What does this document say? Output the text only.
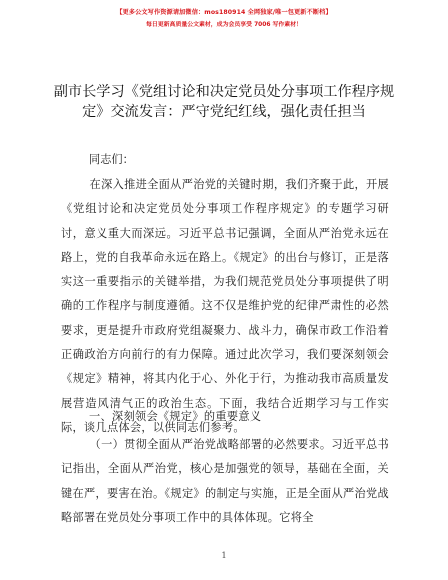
【更多公文写作资源请加微信：mos180914 全网独家/唯一包更新不断档】
每日更新高质量公文素材，成为会员享受 7006 写作素材！
副市长学习《党组讨论和决定党员处分事项工作程序规定》交流发言：严守党纪红线，强化责任担当
同志们：

在深入推进全面从严治党的关键时期，我们齐聚于此，开展《党组讨论和决定党员处分事项工作程序规定》的专题学习研讨，意义重大而深远。习近平总书记强调，全面从严治党永远在路上，党的自我革命永远在路上。《规定》的出台与修订，正是落实这一重要指示的关键举措，为我们规范党员处分事项提供了明确的工作程序与制度遵循。这不仅是维护党的纪律严肃性的必然要求，更是提升市政府党组凝聚力、战斗力，确保市政工作沿着正确政治方向前行的有力保障。通过此次学习，我们要深刻领会《规定》精神，将其内化于心、外化于行，为推动我市高质量发展营造风清气正的政治生态。下面，我结合近期学习与工作实际，谈几点体会，以供同志们参考。

一、深刻领会《规定》的重要意义

（一）贯彻全面从严治党战略部署的必然要求。习近平总书记指出，全面从严治党，核心是加强党的领导，基础在全面，关键在严，要害在治。《规定》的制定与实施，正是全面从严治党战略部署在党员处分事项工作中的具体体现。它将全

1
